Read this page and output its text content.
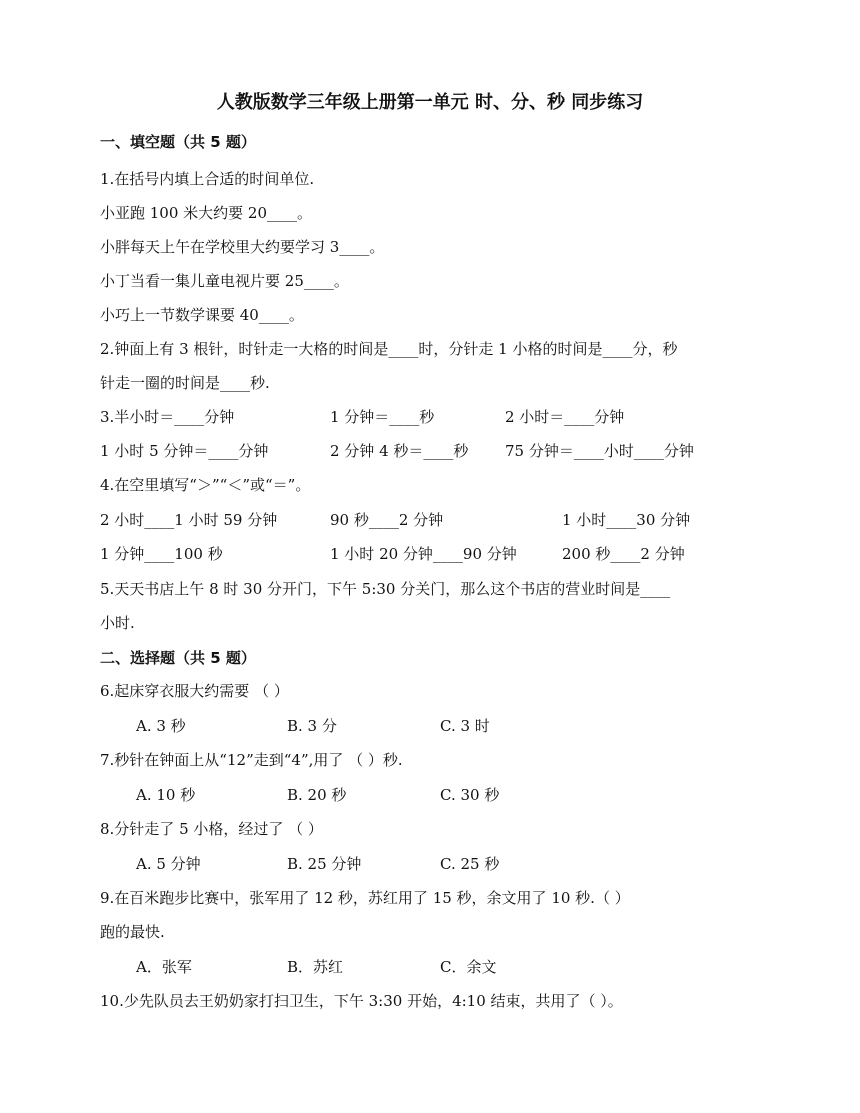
人教版数学三年级上册第一单元 时、分、秒 同步练习
一、填空题（共 5 题）
1.在括号内填上合适的时间单位.
小亚跑 100 米大约要 20____。
小胖每天上午在学校里大约要学习 3____。
小丁当看一集儿童电视片要 25____。
小巧上一节数学课要 40____。
2.钟面上有 3 根针，时针走一大格的时间是____时，分针走 1 小格的时间是____分，秒
针走一圈的时间是____秒.
3.半小时＝____分钟	1 分钟＝____秒	2 小时＝____分钟
1 小时 5 分钟＝____分钟	2 分钟 4 秒＝____秒 75 分钟＝____小时____分钟
4.在空里填写“＞”“＜”或“＝”。
2 小时____1 小时 59 分钟	90 秒____2 分钟	1 小时____30 分钟
1 分钟____100 秒	1 小时 20 分钟____90 分钟	200 秒____2 分钟
5.天天书店上午 8 时 30 分开门，下午 5:30 分关门，那么这个书店的营业时间是____
小时.
二、选择题（共 5 题）
6.起床穿衣服大约需要 （ ）
A. 3 秒	B. 3 分	C. 3 时
7.秒针在钟面上从“12”走到“4”,用了 （ ）秒.
A. 10 秒	B. 20 秒	C. 30 秒
8.分针走了 5 小格，经过了 （ ）
A. 5 分钟	B. 25 分钟	C. 25 秒
9.在百米跑步比赛中，张军用了 12 秒，苏红用了 15 秒，余文用了 10 秒.（ ）
跑的最快.
A．张军	B．苏红	C．余文
10.少先队员去王奶奶家打扫卫生，下午 3:30 开始，4:10 结束，共用了（ ）。
